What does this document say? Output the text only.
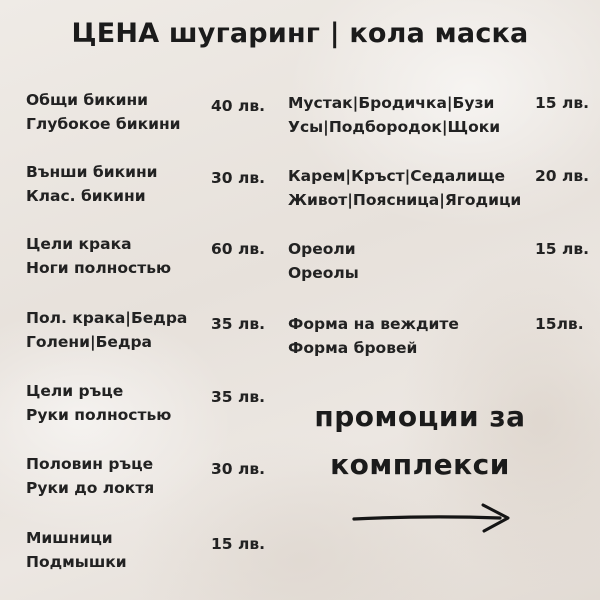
ЦЕНА шугаринг | кола маска
Общи бикини
Глубокое бикини
40 лв.
Външи бикини
Клас. бикини
30 лв.
Цели крака
Ноги полностью
60 лв.
Пол. крака|Бедра
Голени|Бедра
35 лв.
Цели ръце
Руки полностью
35 лв.
Половин ръце
Руки до локтя
30 лв.
Мишници
Подмышки
15 лв.
Мустак|Бродичка|Бузи
Усы|Подбородок|Щоки
15 лв.
Карем|Кръст|Седалище
Живот|Поясница|Ягодици
20 лв.
Ореоли
Ореолы
15 лв.
Форма на веждите
Форма бровей
15лв.
промоции за
комплекси
